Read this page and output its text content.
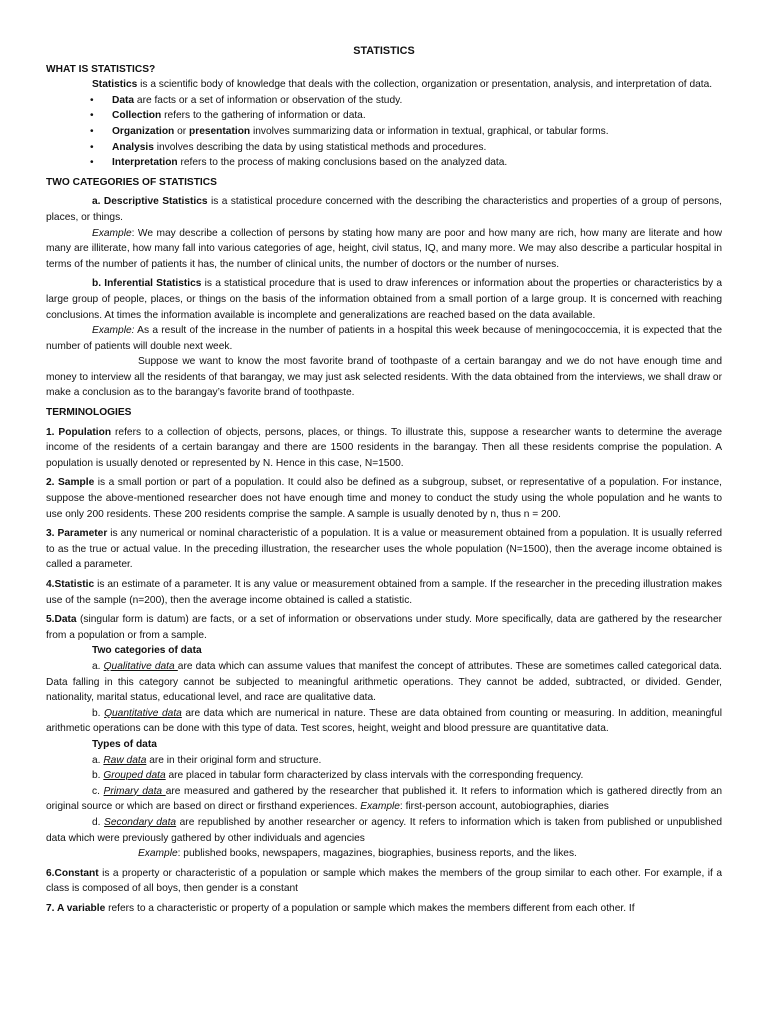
STATISTICS

WHAT IS STATISTICS?

Statistics is a scientific body of knowledge that deals with the collection, organization or presentation, analysis, and interpretation of data.

• Data are facts or a set of information or observation of the study.
• Collection refers to the gathering of information or data.
• Organization or presentation involves summarizing data or information in textual, graphical, or tabular forms.
• Analysis involves describing the data by using statistical methods and procedures.
• Interpretation refers to the process of making conclusions based on the analyzed data.

TWO CATEGORIES OF STATISTICS

a. Descriptive Statistics is a statistical procedure concerned with the describing the characteristics and properties of a group of persons, places, or things.

Example: We may describe a collection of persons by stating how many are poor and how many are rich, how many are literate and how many are illiterate, how many fall into various categories of age, height, civil status, IQ, and many more. We may also describe a particular hospital in terms of the number of patients it has, the number of clinical units, the number of doctors or the number of nurses.

b. Inferential Statistics is a statistical procedure that is used to draw inferences or information about the properties or characteristics by a large group of people, places, or things on the basis of the information obtained from a small portion of a large group. It is concerned with reaching conclusions. At times the information available is incomplete and generalizations are reached based on the data available.

Example: As a result of the increase in the number of patients in a hospital this week because of meningococcemia, it is expected that the number of patients will double next week.

Suppose we want to know the most favorite brand of toothpaste of a certain barangay and we do not have enough time and money to interview all the residents of that barangay, we may just ask selected residents. With the data obtained from the interviews, we shall draw or make a conclusion as to the barangay’s favorite brand of toothpaste.

TERMINOLOGIES

1. Population refers to a collection of objects, persons, places, or things. To illustrate this, suppose a researcher wants to determine the average income of the residents of a certain barangay and there are 1500 residents in the barangay. Then all these residents comprise the population. A population is usually denoted or represented by N. Hence in this case, N=1500.

2. Sample is a small portion or part of a population. It could also be defined as a subgroup, subset, or representative of a population. For instance, suppose the above-mentioned researcher does not have enough time and money to conduct the study using the whole population and he wants to use only 200 residents. These 200 residents comprise the sample. A sample is usually denoted by n, thus n = 200.

3. Parameter is any numerical or nominal characteristic of a population. It is a value or measurement obtained from a population. It is usually referred to as the true or actual value. In the preceding illustration, the researcher uses the whole population (N=1500), then the average income obtained is called a parameter.

4.Statistic is an estimate of a parameter. It is any value or measurement obtained from a sample. If the researcher in the preceding illustration makes use of the sample (n=200), then the average income obtained is called a statistic.

5.Data (singular form is datum) are facts, or a set of information or observations under study. More specifically, data are gathered by the researcher from a population or from a sample.

Two categories of data

a. Qualitative data are data which can assume values that manifest the concept of attributes. These are sometimes called categorical data. Data falling in this category cannot be subjected to meaningful arithmetic operations. They cannot be added, subtracted, or divided. Gender, nationality, marital status, educational level, and race are qualitative data.

b. Quantitative data are data which are numerical in nature. These are data obtained from counting or measuring. In addition, meaningful arithmetic operations can be done with this type of data. Test scores, height, weight and blood pressure are quantitative data.

Types of data

a. Raw data are in their original form and structure.

b. Grouped data are placed in tabular form characterized by class intervals with the corresponding frequency.

c. Primary data are measured and gathered by the researcher that published it. It refers to information which is gathered directly from an original source or which are based on direct or firsthand experiences. Example: first-person account, autobiographies, diaries

d. Secondary data are republished by another researcher or agency. It refers to information which is taken from published or unpublished data which were previously gathered by other individuals and agencies

Example: published books, newspapers, magazines, biographies, business reports, and the likes.

6.Constant is a property or characteristic of a population or sample which makes the members of the group similar to each other. For example, if a class is composed of all boys, then gender is a constant

7. A variable refers to a characteristic or property of a population or sample which makes the members different from each other. If
